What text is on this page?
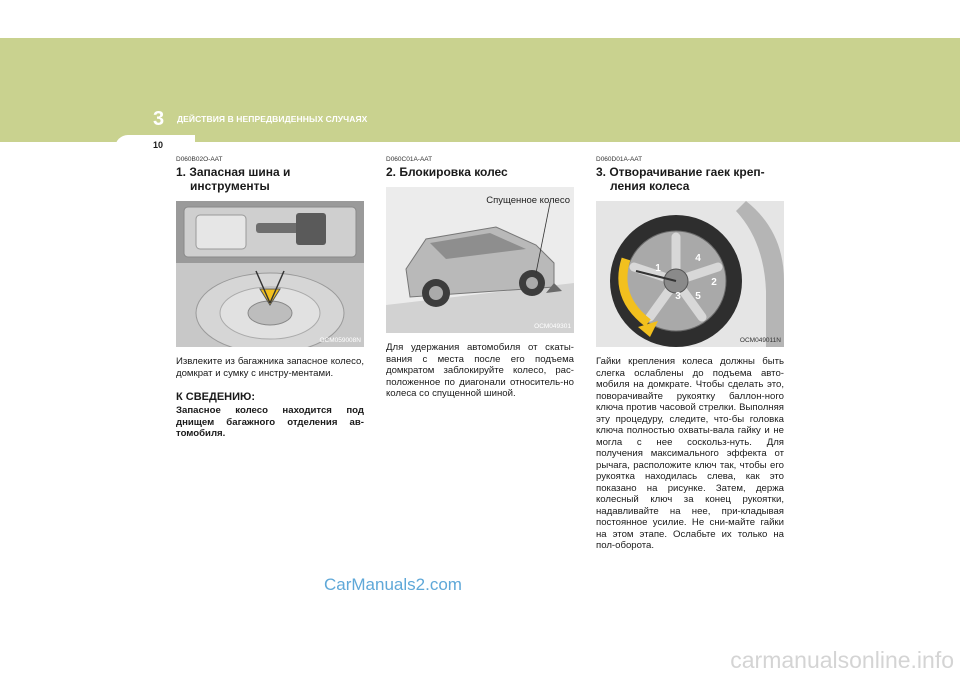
3 ДЕЙСТВИЯ В НЕПРЕДВИДЕННЫХ СЛУЧАЯХ
10
D060B02O-AAT
1. Запасная шина и
инструменты
OCM059008N
Извлеките из багажника запасное колесо, домкрат и сумку с инстру-ментами.
К СВЕДЕНИЮ:
Запасное колесо находится под днищем багажного отделения ав-томобиля.
D060C01A-AAT
2. Блокировка колес
Спущенное колесо
OCM049301
Для удержания автомобиля от скаты-вания с места после его подъема домкратом заблокируйте колесо, рас-положенное по диагонали относитель-но колеса со спущенной шиной.
D060D01A-AAT
3. Отворачивание гаек креп-
ления колеса
1
2
3
4
5
OCM049011N
Гайки крепления колеса должны быть слегка ослаблены до подъема авто-мобиля на домкрате. Чтобы сделать это, поворачивайте рукоятку баллон-ного ключа против часовой стрелки. Выполняя эту процедуру, следите, что-бы головка ключа полностью охваты-вала гайку и не могла с нее соскольз-нуть. Для получения максимального эффекта от рычага, расположите ключ так, чтобы его рукоятка находилась слева, как это показано на рисунке. Затем, держа колесный ключ за конец рукоятки, надавливайте на нее, при-кладывая постоянное усилие. Не сни-майте гайки на этом этапе. Ослабьте их только на пол-оборота.
CarManuals2.com
carmanualsonline.info
